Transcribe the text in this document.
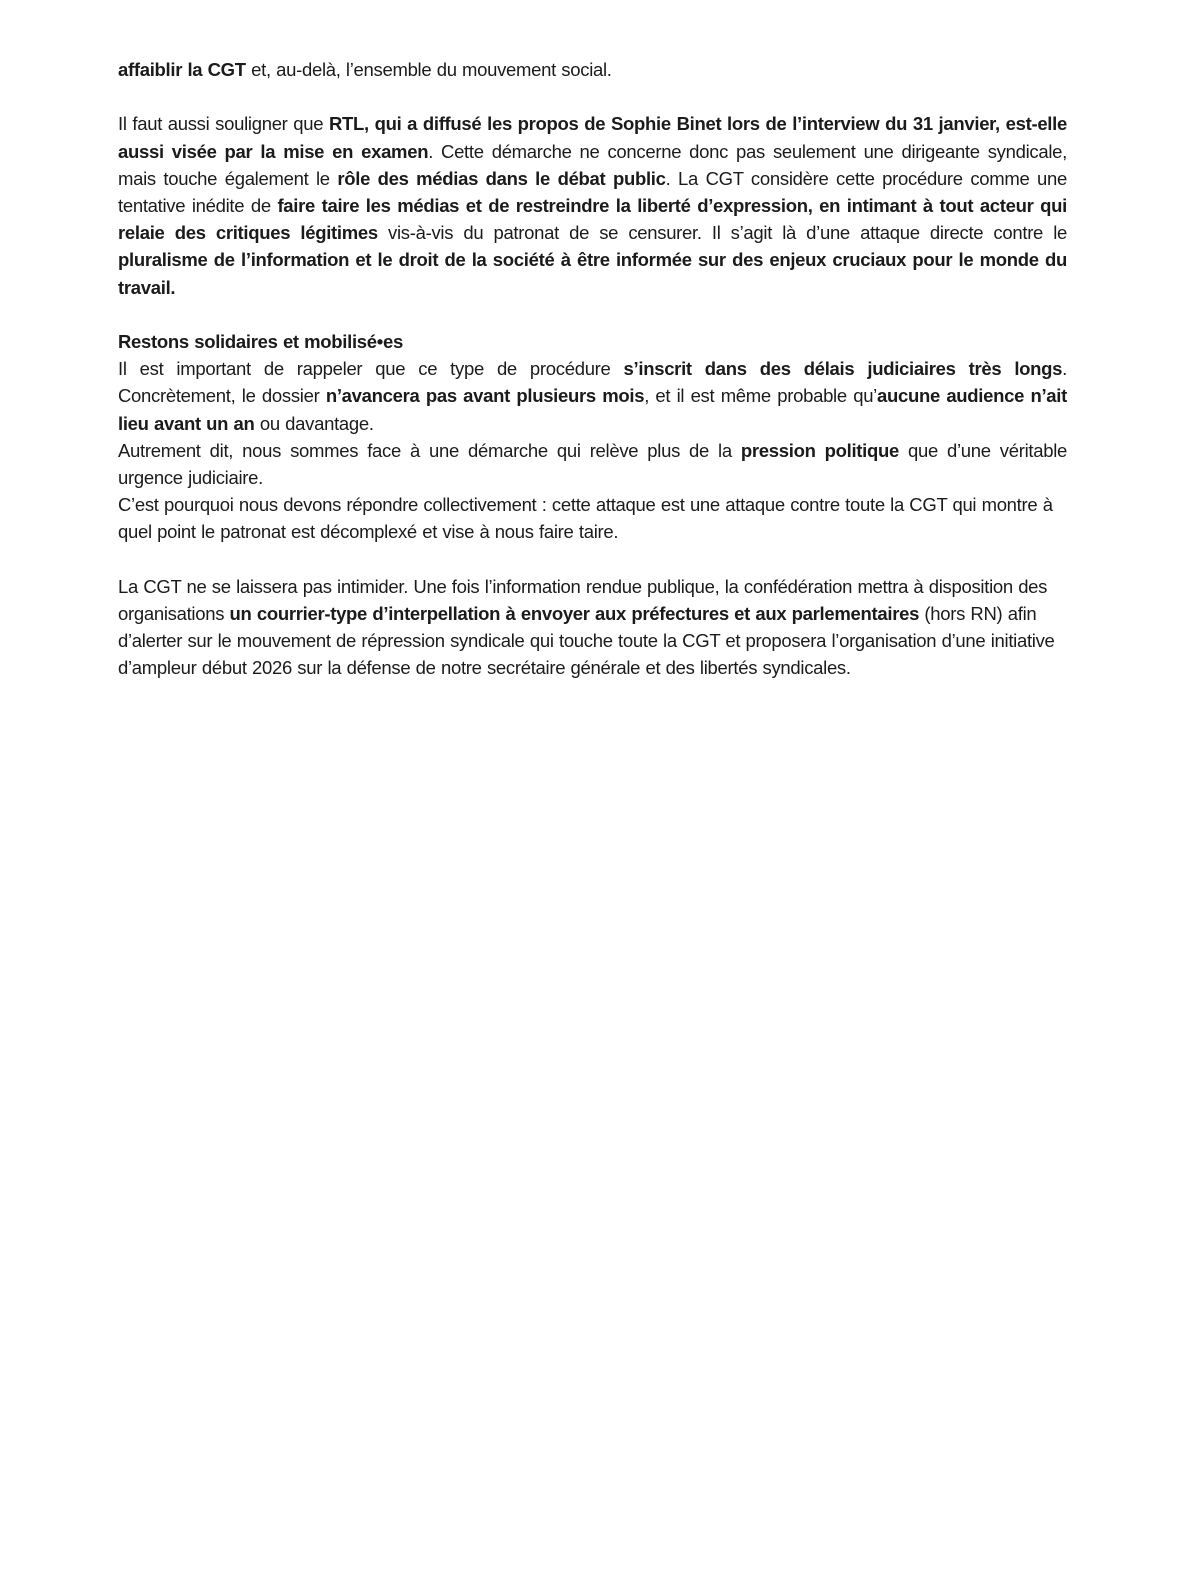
affaiblir la CGT et, au-delà, l’ensemble du mouvement social.

Il faut aussi souligner que RTL, qui a diffusé les propos de Sophie Binet lors de l’interview du 31 janvier, est-elle aussi visée par la mise en examen. Cette démarche ne concerne donc pas seulement une dirigeante syndicale, mais touche également le rôle des médias dans le débat public. La CGT considère cette procédure comme une tentative inédite de faire taire les médias et de restreindre la liberté d’expression, en intimant à tout acteur qui relaie des critiques légitimes vis-à-vis du patronat de se censurer. Il s’agit là d’une attaque directe contre le pluralisme de l’information et le droit de la société à être informée sur des enjeux cruciaux pour le monde du travail.

Restons solidaires et mobilisé•es

Il est important de rappeler que ce type de procédure s’inscrit dans des délais judiciaires très longs. Concrètement, le dossier n’avancera pas avant plusieurs mois, et il est même probable qu’aucune audience n’ait lieu avant un an ou davantage.

Autrement dit, nous sommes face à une démarche qui relève plus de la pression politique que d’une véritable urgence judiciaire.

C’est pourquoi nous devons répondre collectivement : cette attaque est une attaque contre toute la CGT qui montre à quel point le patronat est décomplexé et vise à nous faire taire.

La CGT ne se laissera pas intimider. Une fois l’information rendue publique, la confédération mettra à disposition des organisations un courrier-type d’interpellation à envoyer aux préfectures et aux parlementaires (hors RN) afin d’alerter sur le mouvement de répression syndicale qui touche toute la CGT et proposera l’organisation d’une initiative d’ampleur début 2026 sur la défense de notre secrétaire générale et des libertés syndicales.
